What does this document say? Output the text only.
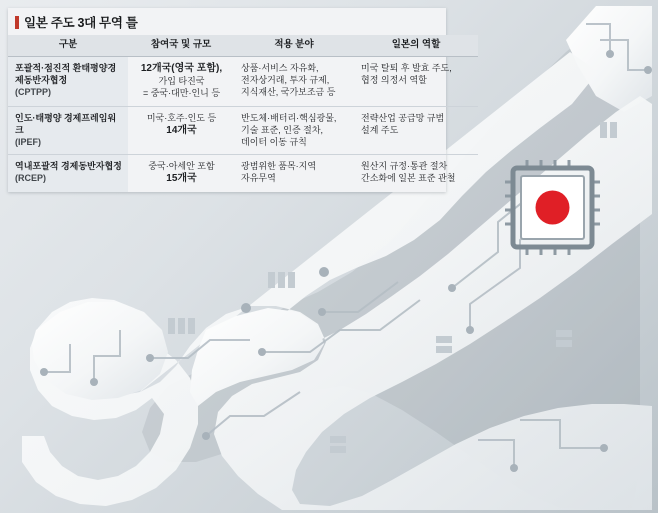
일본 주도 3대 무역 틀
구분	참여국 및 규모	적용 분야	일본의 역할

포괄적·점진적 환태평양경제동반자협정
(CPTPP)	12개국(영국 포함),
가입 타진국
= 중국·대만·인니 등	상품·서비스 자유화,
전자상거래, 투자 규제,
지식재산, 국가보조금 등	미국 탈퇴 후 발효 주도,
협정 의정서 역할

인도·태평양 경제프레임워크
(IPEF)	미국·호주·인도 등
14개국	반도체·배터리·핵심광물,
기술 표준, 인증 절차,
데이터 이동 규칙	전략산업 공급망 규범
설계 주도

역내포괄적 경제동반자협정
(RCEP)	중국·아세안 포함
15개국	광범위한 품목·지역
자유무역	원산지 규정·통관 절차
간소화에 일본 표준 관철
